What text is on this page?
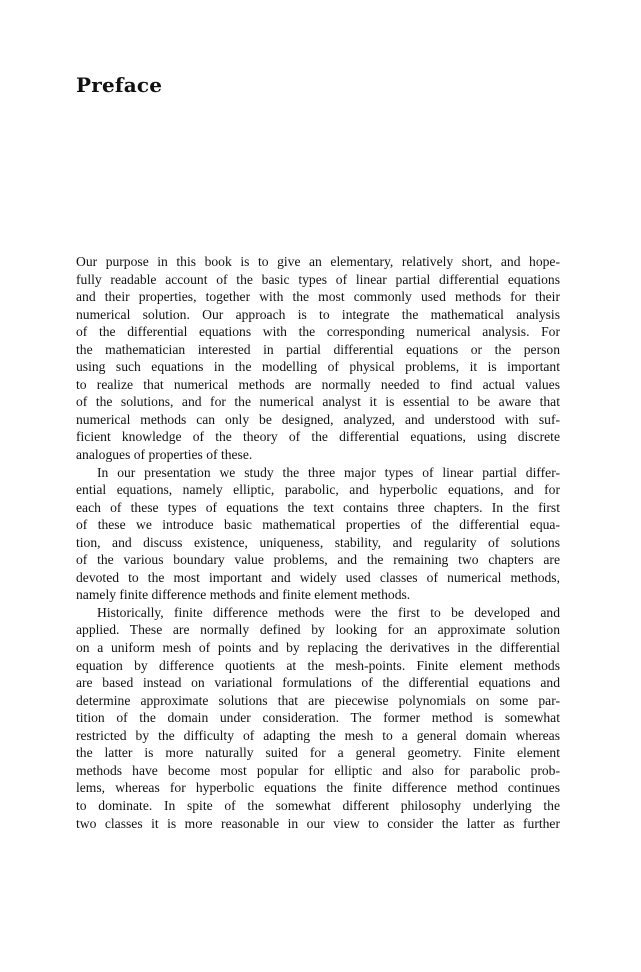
Preface
Our purpose in this book is to give an elementary, relatively short, and hope-
fully readable account of the basic types of linear partial differential equations
and their properties, together with the most commonly used methods for their
numerical solution. Our approach is to integrate the mathematical analysis
of the differential equations with the corresponding numerical analysis. For
the mathematician interested in partial differential equations or the person
using such equations in the modelling of physical problems, it is important
to realize that numerical methods are normally needed to find actual values
of the solutions, and for the numerical analyst it is essential to be aware that
numerical methods can only be designed, analyzed, and understood with suf-
ficient knowledge of the theory of the differential equations, using discrete
analogues of properties of these.
In our presentation we study the three major types of linear partial differ-
ential equations, namely elliptic, parabolic, and hyperbolic equations, and for
each of these types of equations the text contains three chapters. In the first
of these we introduce basic mathematical properties of the differential equa-
tion, and discuss existence, uniqueness, stability, and regularity of solutions
of the various boundary value problems, and the remaining two chapters are
devoted to the most important and widely used classes of numerical methods,
namely finite difference methods and finite element methods.
Historically, finite difference methods were the first to be developed and
applied. These are normally defined by looking for an approximate solution
on a uniform mesh of points and by replacing the derivatives in the differential
equation by difference quotients at the mesh-points. Finite element methods
are based instead on variational formulations of the differential equations and
determine approximate solutions that are piecewise polynomials on some par-
tition of the domain under consideration. The former method is somewhat
restricted by the difficulty of adapting the mesh to a general domain whereas
the latter is more naturally suited for a general geometry. Finite element
methods have become most popular for elliptic and also for parabolic prob-
lems, whereas for hyperbolic equations the finite difference method continues
to dominate. In spite of the somewhat different philosophy underlying the
two classes it is more reasonable in our view to consider the latter as further
